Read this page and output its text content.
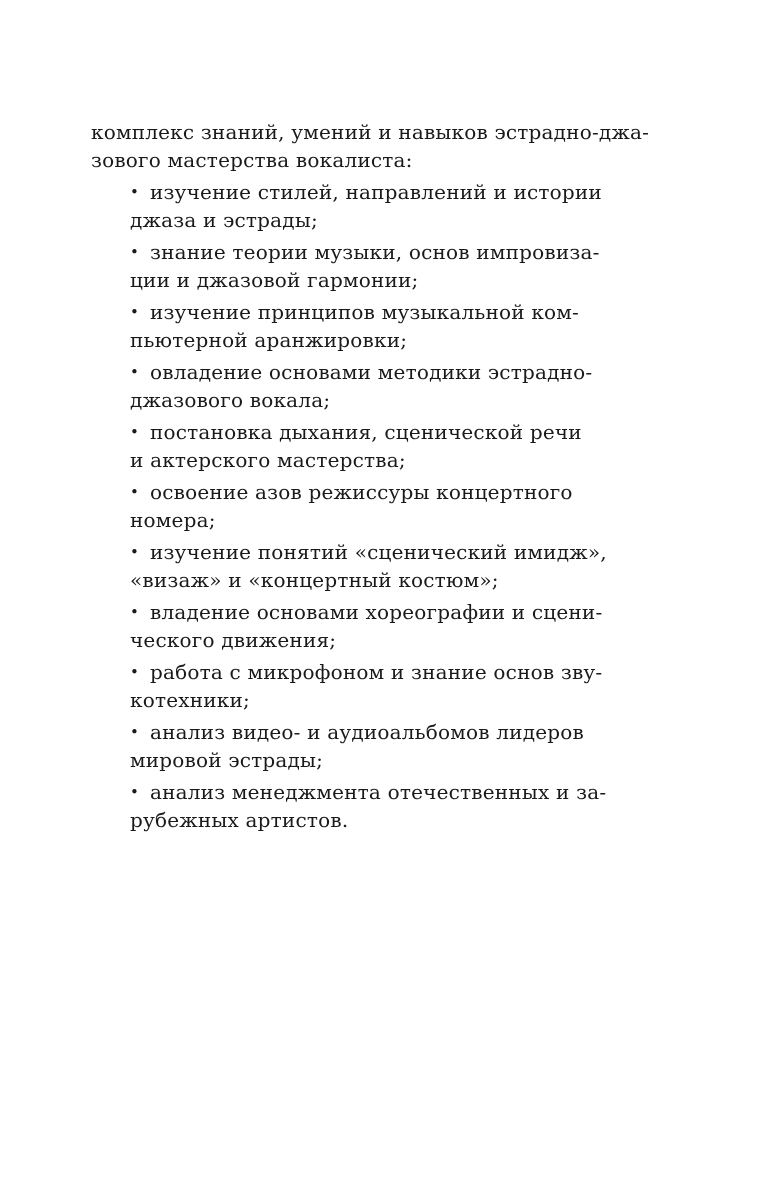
комплекс знаний, умений и навыков эстрадно-джа-
зового мастерства вокалиста:
• изучение стилей, направлений и истории
джаза и эстрады;
• знание теории музыки, основ импровиза-
ции и джазовой гармонии;
• изучение принципов музыкальной ком-
пьютерной аранжировки;
• овладение основами методики эстрадно-
джазового вокала;
• постановка дыхания, сценической речи
и актерского мастерства;
• освоение азов режиссуры концертного
номера;
• изучение понятий «сценический имидж»,
«визаж» и «концертный костюм»;
• владение основами хореографии и сцени-
ческого движения;
• работа с микрофоном и знание основ зву-
котехники;
• анализ видео- и аудиоальбомов лидеров
мировой эстрады;
• анализ менеджмента отечественных и за-
рубежных артистов.
